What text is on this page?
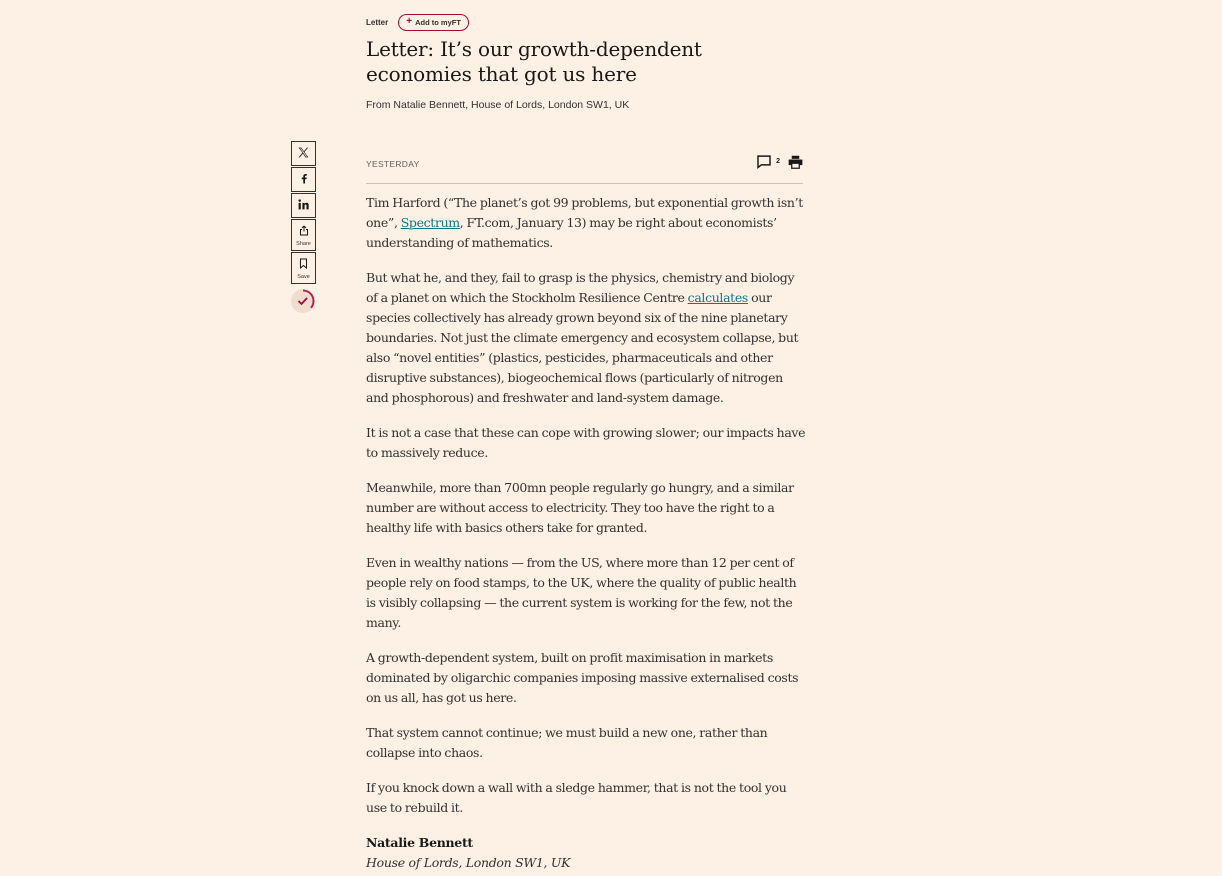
Letter + Add to myFT
Letter: It’s our growth-dependent economies that got us here
From Natalie Bennett, House of Lords, London SW1, UK
Share
Save
YESTERDAY	2

Tim Harford (“The planet’s got 99 problems, but exponential growth isn’t one”, Spectrum, FT.com, January 13) may be right about economists’ understanding of mathematics.

But what he, and they, fail to grasp is the physics, chemistry and biology of a planet on which the Stockholm Resilience Centre calculates our species collectively has already grown beyond six of the nine planetary boundaries. Not just the climate emergency and ecosystem collapse, but also “novel entities” (plastics, pesticides, pharmaceuticals and other disruptive substances), biogeochemical flows (particularly of nitrogen and phosphorous) and freshwater and land-system damage.

It is not a case that these can cope with growing slower; our impacts have to massively reduce.

Meanwhile, more than 700mn people regularly go hungry, and a similar number are without access to electricity. They too have the right to a healthy life with basics others take for granted.

Even in wealthy nations — from the US, where more than 12 per cent of people rely on food stamps, to the UK, where the quality of public health is visibly collapsing — the current system is working for the few, not the many.

A growth-dependent system, built on profit maximisation in markets dominated by oligarchic companies imposing massive externalised costs on us all, has got us here.

That system cannot continue; we must build a new one, rather than collapse into chaos.

If you knock down a wall with a sledge hammer, that is not the tool you use to rebuild it.

Natalie Bennett
House of Lords, London SW1, UK
